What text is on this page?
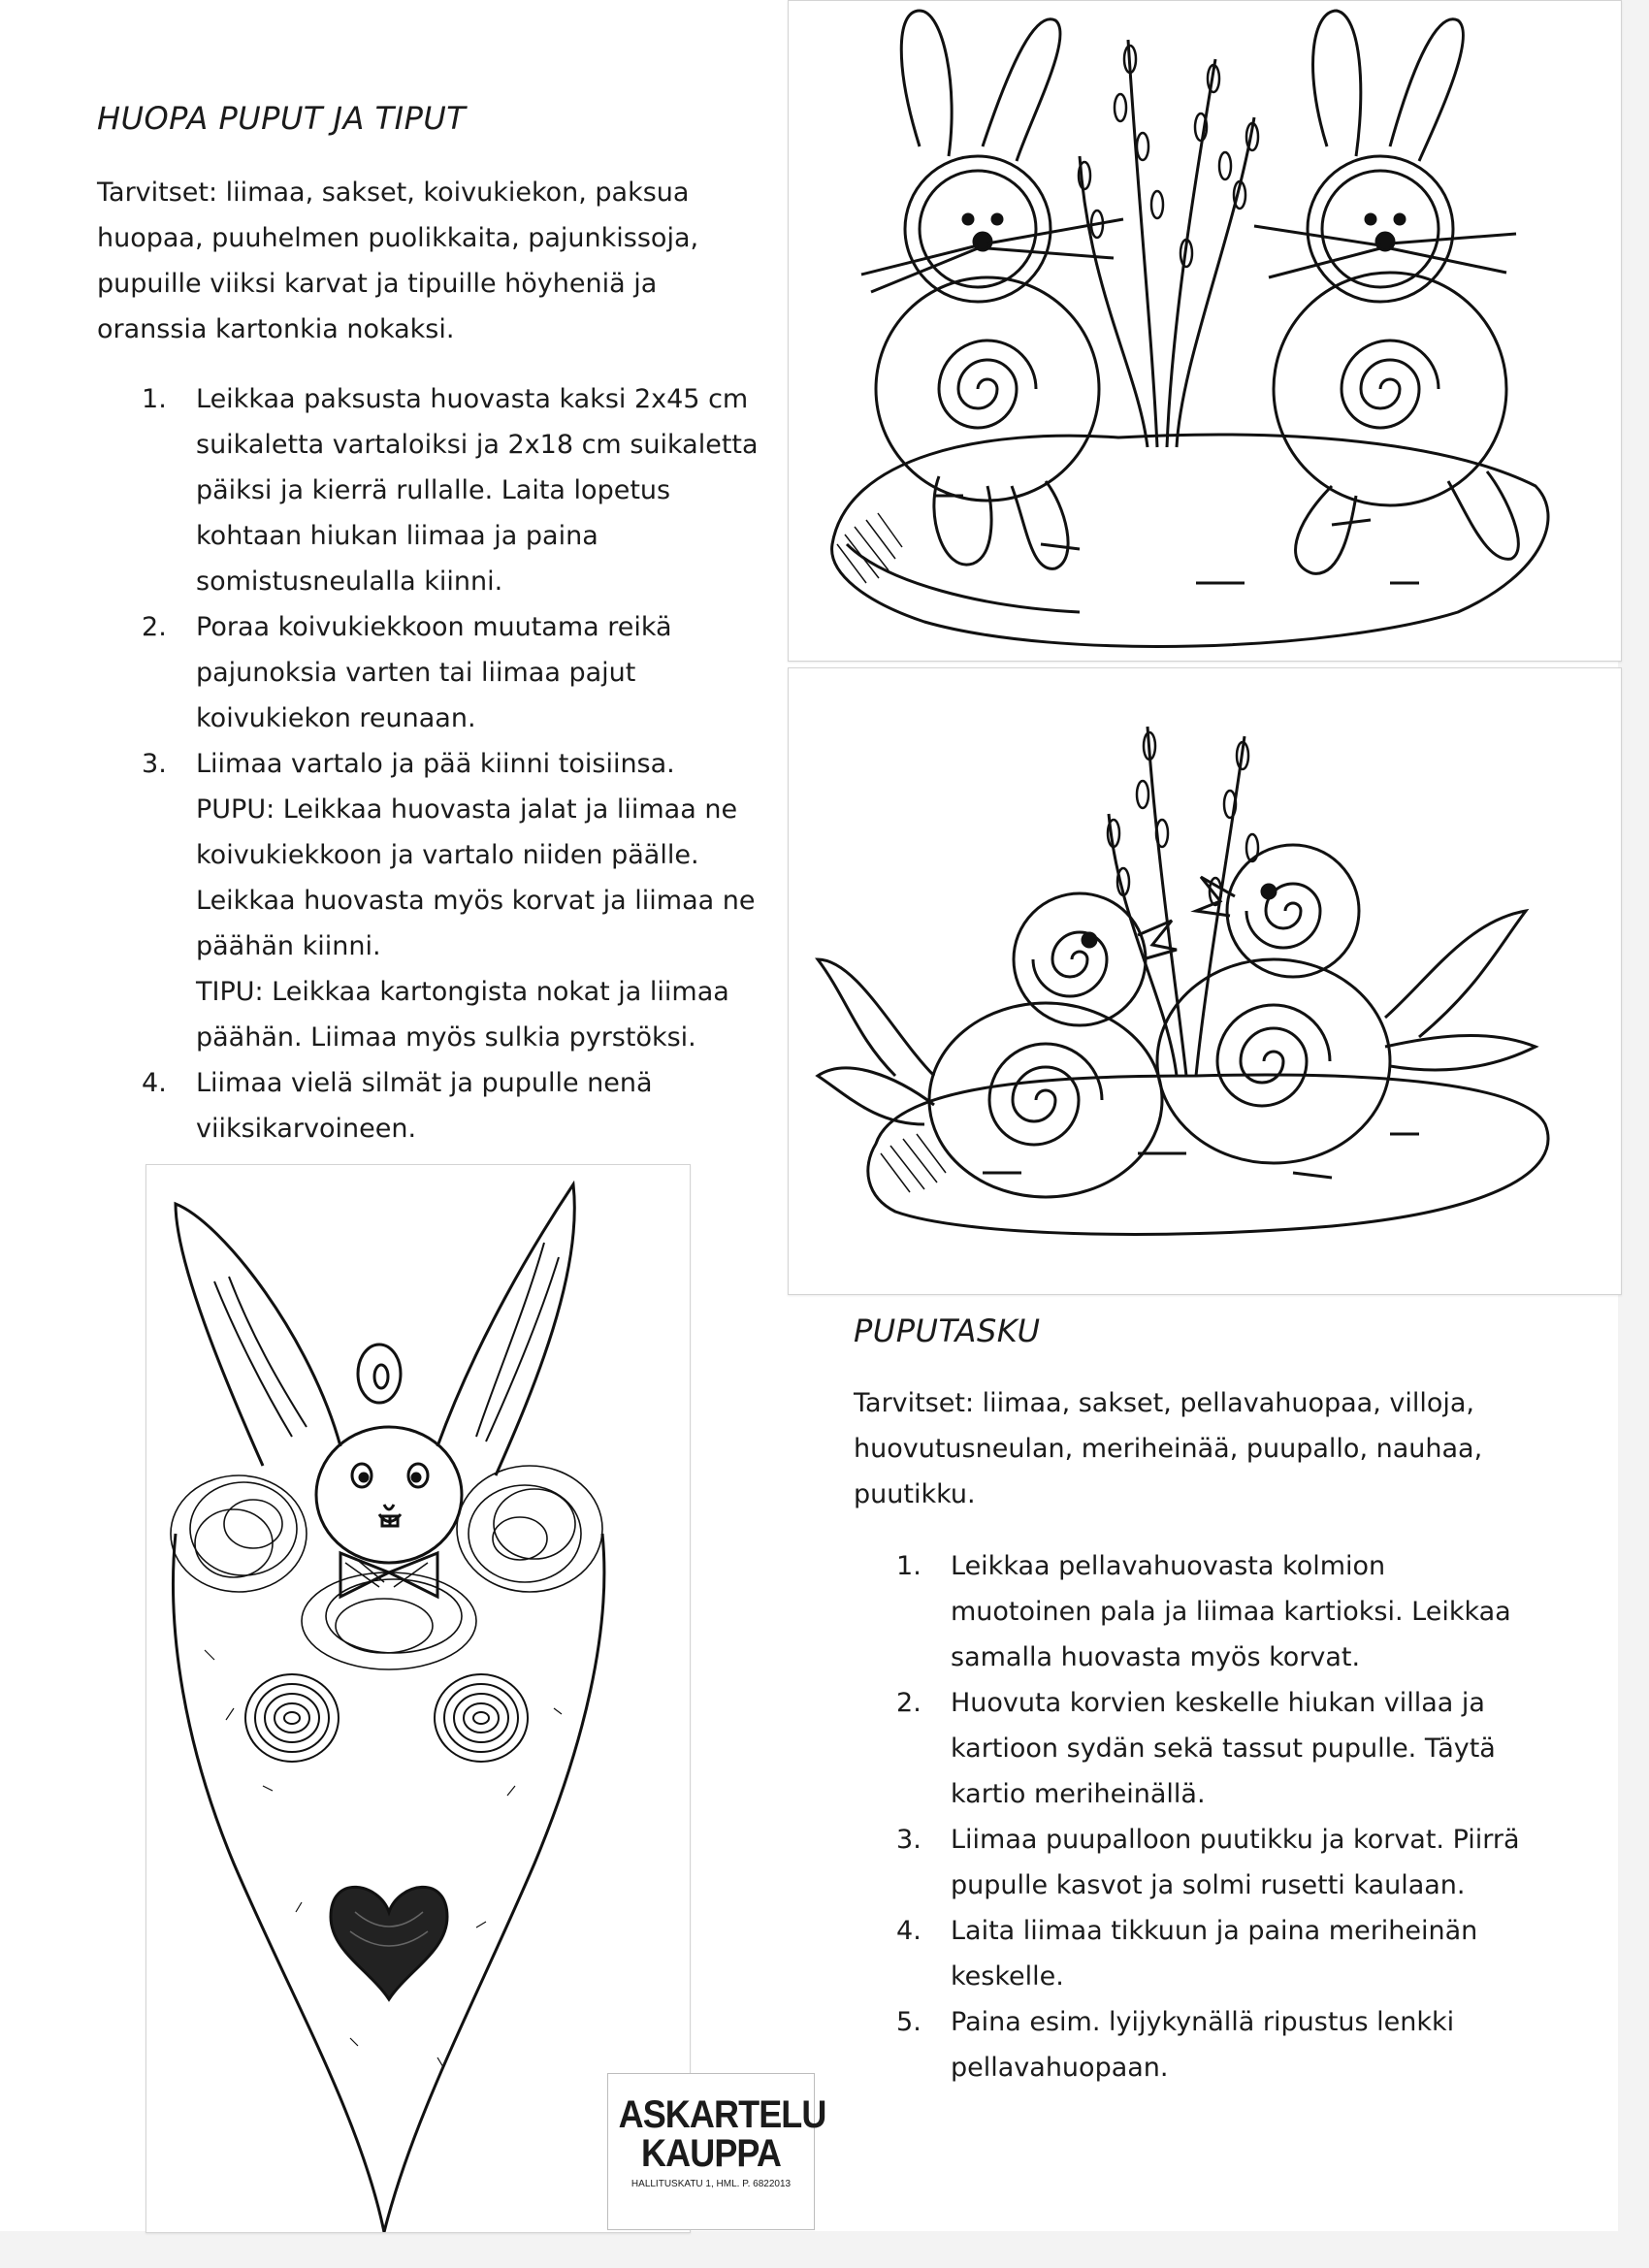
HUOPA PUPUT JA TIPUT
Tarvitset: liimaa, sakset, koivukiekon, paksua huopaa, puuhelmen puolikkaita, pajunkissoja, pupuille viiksi karvat ja tipuille höyheniä ja oranssia kartonkia nokaksi.
Leikkaa paksusta huovasta kaksi 2x45 cm suikaletta vartaloiksi ja 2x18 cm suikaletta päiksi ja kierrä rullalle. Laita lopetus kohtaan hiukan liimaa ja paina somistusneulalla kiinni.
Poraa koivukiekkoon muutama reikä pajunoksia varten tai liimaa pajut koivukiekon reunaan.
Liimaa vartalo ja pää kiinni toisiinsa.
PUPU: Leikkaa huovasta jalat ja liimaa ne koivukiekkoon ja vartalo niiden päälle. Leikkaa huovasta myös korvat ja liimaa ne päähän kiinni.
TIPU: Leikkaa kartongista nokat ja liimaa päähän. Liimaa myös sulkia pyrstöksi.
Liimaa vielä silmät ja pupulle nenä viiksikarvoineen.
PUPUTASKU
Tarvitset: liimaa, sakset, pellavahuopaa, villoja, huovutusneulan, meriheinää, puupallo, nauhaa, puutikku.
Leikkaa pellavahuovasta kolmion muotoinen pala ja liimaa kartioksi. Leikkaa samalla huovasta myös korvat.
Huovuta korvien keskelle hiukan villaa ja kartioon sydän sekä tassut pupulle. Täytä kartio meriheinällä.
Liimaa puupalloon puutikku ja korvat. Piirrä pupulle kasvot ja solmi rusetti kaulaan.
Laita liimaa tikkuun ja paina meriheinän keskelle.
Paina esim. lyijykynällä ripustus lenkki pellavahuopaan.
ASKARTELU
KAUPPA
HALLITUSKATU 1, HML. P. 6822013
